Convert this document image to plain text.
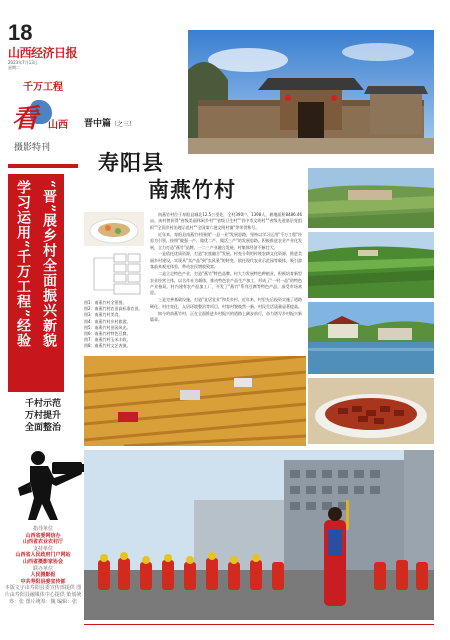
18
山西经济日报
2023年7月13日
星期二
千万工程
看 山西
摄影特刊
学习运用“千万工程”经验
“晋”展乡村全面振兴新貌
千村示范
万村提升
全面整治
指导单位
山西省委网信办
山西省农业农村厅
支持单位
山西省人民政府门户网站
山西省摄影家协会
联办单位
人民摄影报
中共寿阳县委宣传部
本版文字由寿阳县委宣传部提供 图片由寿阳县融媒体中心提供 策划统筹：张 图片统筹：魏 编辑：张
晋中篇（之三）
寿阳县
南燕竹村

南燕竹村位于寿阳县城北12.5公里处，全村390户、1398人，耕地面积8486.46亩。该村曾获得"省级美丽休闲乡村""省级卫生村""晋中市文明村""省级先进基层党组织""全国乡村治理示范村""全国第六批文明村镇"等荣誉称号。

近年来，寿阳县南燕竹村围绕"一县一业"发展思路，坚持以学习运用"千万工程"经验为引领，按照"做强一产、做优二产、做活三产"的发展思路，积极推进农业产业化发展，全力打造"燕竹"品牌，一二三产业融合发展，村集体经济不断壮大。

一是依托优质资源，打造"农旅融合"发展。村充分利用传统农耕文化资源，推进美丽乡村建设，实现从"卖产品"到"卖风景"的转变，依托现代农业示范园等载体，吸引游客前来观光体验，带动农民增收致富。

二是立足特色产业，打造"燕竹"特色品牌。村大力发展特色种植业，积极培育新型农业经营主体，以合作社为载体，推动特色农产品生产加工，形成了"一村一品"的特色产业格局。村内建有农产品加工厂，开发了"燕竹"系列豆腐等特色产品，深受市场欢迎。

三是完善基础设施，打造"宜居宜业"和美乡村。近年来，村里先后投资实施了道路硬化、村庄亮化、人居环境整治等项目，村容村貌焕然一新，村民生活质量显著提高。

如今的南燕竹村，正在全面推进乡村振兴的道路上阔步前行，奋力谱写乡村振兴新篇章。

图1：南燕竹村全景图。
图2：南燕竹村农田高标准农田。
图3：南燕竹村美食。
图4：南燕竹村乡村旅游。
图5：南燕竹村田园风光。
图6：南燕竹村特色豆腐。
图7：南燕竹村玉米丰收。
图8：南燕竹村文艺表演。
